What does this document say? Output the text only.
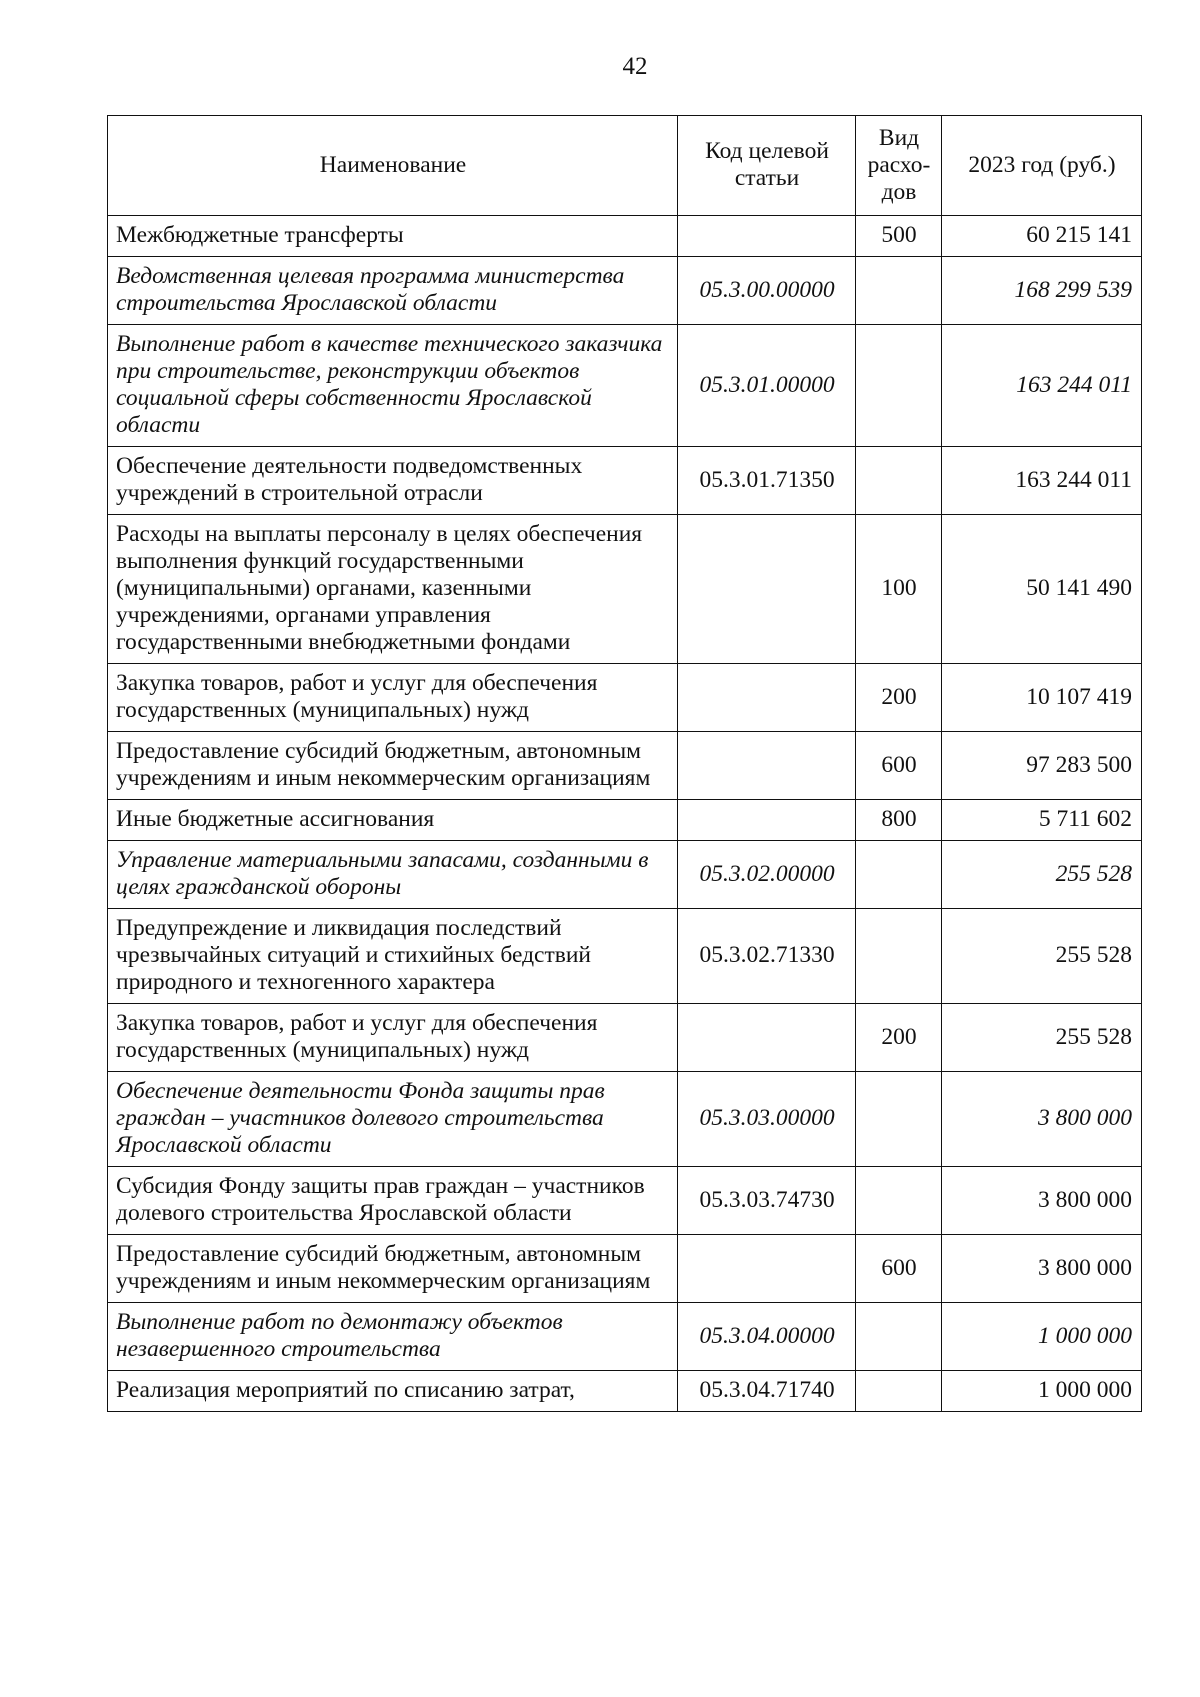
42
Наименование	Код целевой статьи	Вид расхо- дов	2023 год (руб.)
Межбюджетные трансферты		500	60 215 141
Ведомственная целевая программа министерства строительства Ярославской области	05.3.00.00000		168 299 539
Выполнение работ в качестве технического заказчика при строительстве, реконструкции объектов социальной сферы собственности Ярославской области	05.3.01.00000		163 244 011
Обеспечение деятельности подведомственных учреждений в строительной отрасли	05.3.01.71350		163 244 011
Расходы на выплаты персоналу в целях обеспечения выполнения функций государственными (муниципальными) органами, казенными учреждениями, органами управления государственными внебюджетными фондами		100	50 141 490
Закупка товаров, работ и услуг для обеспечения государственных (муниципальных) нужд		200	10 107 419
Предоставление субсидий бюджетным, автономным учреждениям и иным некоммерческим организациям		600	97 283 500
Иные бюджетные ассигнования		800	5 711 602
Управление материальными запасами, созданными в целях гражданской обороны	05.3.02.00000		255 528
Предупреждение и ликвидация последствий чрезвычайных ситуаций и стихийных бедствий природного и техногенного характера	05.3.02.71330		255 528
Закупка товаров, работ и услуг для обеспечения государственных (муниципальных) нужд		200	255 528
Обеспечение деятельности Фонда защиты прав граждан – участников долевого строительства Ярославской области	05.3.03.00000		3 800 000
Субсидия Фонду защиты прав граждан – участников долевого строительства Ярославской области	05.3.03.74730		3 800 000
Предоставление субсидий бюджетным, автономным учреждениям и иным некоммерческим организациям		600	3 800 000
Выполнение работ по демонтажу объектов незавершенного строительства	05.3.04.00000		1 000 000
Реализация мероприятий по списанию затрат,	05.3.04.71740		1 000 000
